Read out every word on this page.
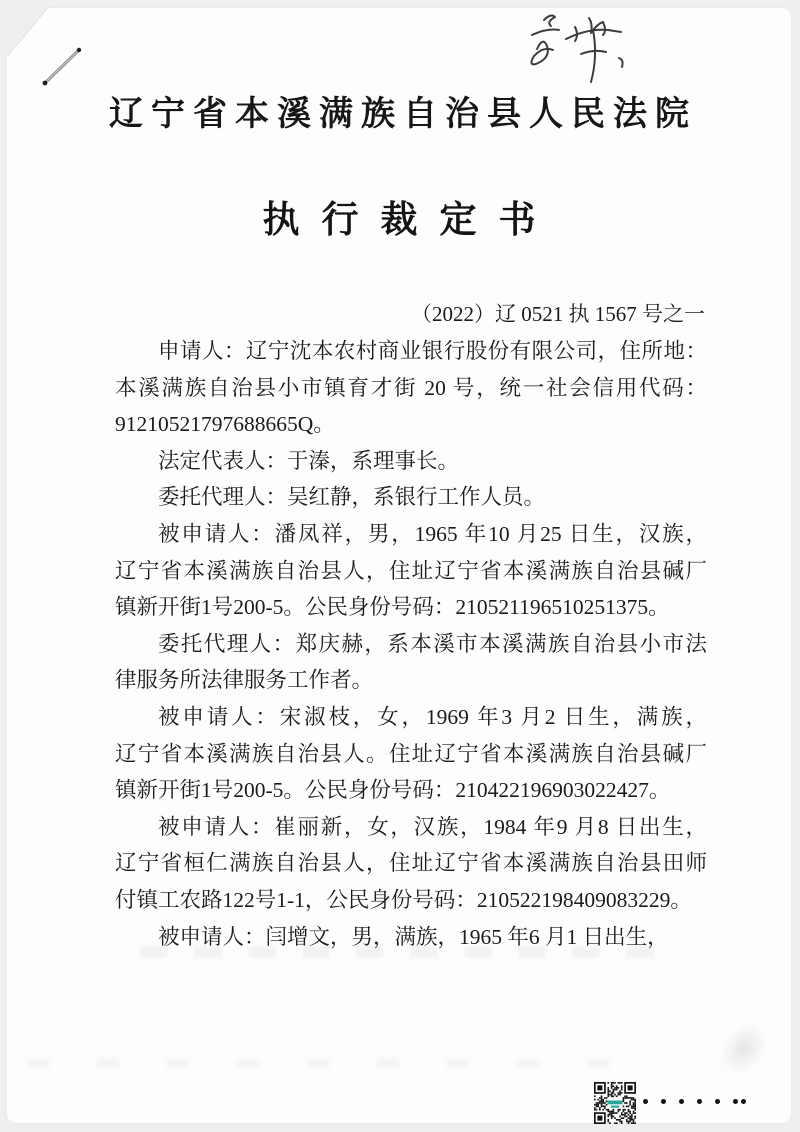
辽宁省本溪满族自治县人民法院
执行裁定书
（2022）辽 0521 执 1567 号之一
申请人：辽宁沈本农村商业银行股份有限公司，住所地：
本溪满族自治县小市镇育才街 20 号，统一社会信用代码：
91210521797688665Q。
法定代表人：于溱，系理事长。
委托代理人：吴红静，系银行工作人员。
被申请人：潘凤祥，男，1965 年10 月25 日生，汉族，
辽宁省本溪满族自治县人，住址辽宁省本溪满族自治县碱厂
镇新开街1号200-5。公民身份号码：210521196510251375。
委托代理人：郑庆赫，系本溪市本溪满族自治县小市法
律服务所法律服务工作者。
被申请人：宋淑枝，女，1969 年3 月2 日生，满族，
辽宁省本溪满族自治县人。住址辽宁省本溪满族自治县碱厂
镇新开街1号200-5。公民身份号码：210422196903022427。
被申请人：崔丽新，女，汉族，1984 年9 月8 日出生，
辽宁省桓仁满族自治县人，住址辽宁省本溪满族自治县田师
付镇工农路122号1-1，公民身份号码：210522198409083229。
被申请人：闫增文，男，满族，1965 年6 月1 日出生，
